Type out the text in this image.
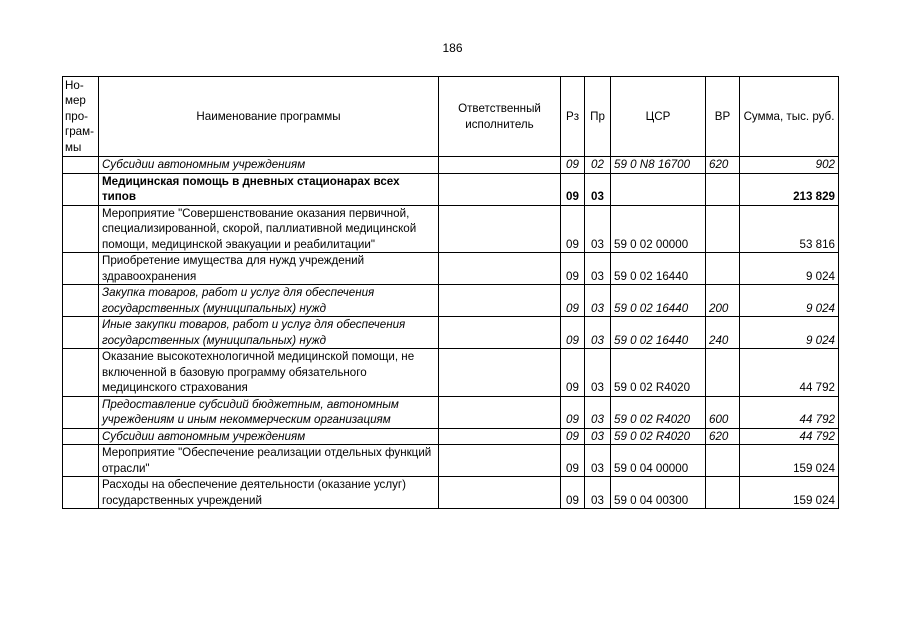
186
Но-
мер
про-
грам-
мы	Наименование программы	Ответственный исполнитель	Рз	Пр	ЦСР	ВР	Сумма, тыс. руб.
	Субсидии автономным учреждениям		09	02	59 0 N8 16700	620	902
	Медицинская помощь в дневных стационарах всех типов		09	03			213 829
	Мероприятие "Совершенствование оказания первичной, специализированной, скорой, паллиативной медицинской помощи, медицинской эвакуации и реабилитации"		09	03	59 0 02 00000		53 816
	Приобретение имущества для нужд учреждений здравоохранения		09	03	59 0 02 16440		9 024
	Закупка товаров, работ и услуг для обеспечения государственных (муниципальных) нужд		09	03	59 0 02 16440	200	9 024
	Иные закупки товаров, работ и услуг для обеспечения государственных (муниципальных) нужд		09	03	59 0 02 16440	240	9 024
	Оказание высокотехнологичной медицинской помощи, не включенной в базовую программу обязательного медицинского страхования		09	03	59 0 02 R4020		44 792
	Предоставление субсидий бюджетным, автономным учреждениям и иным некоммерческим организациям		09	03	59 0 02 R4020	600	44 792
	Субсидии автономным учреждениям		09	03	59 0 02 R4020	620	44 792
	Мероприятие "Обеспечение реализации отдельных функций отрасли"		09	03	59 0 04 00000		159 024
	Расходы на обеспечение деятельности (оказание услуг) государственных учреждений		09	03	59 0 04 00300		159 024
